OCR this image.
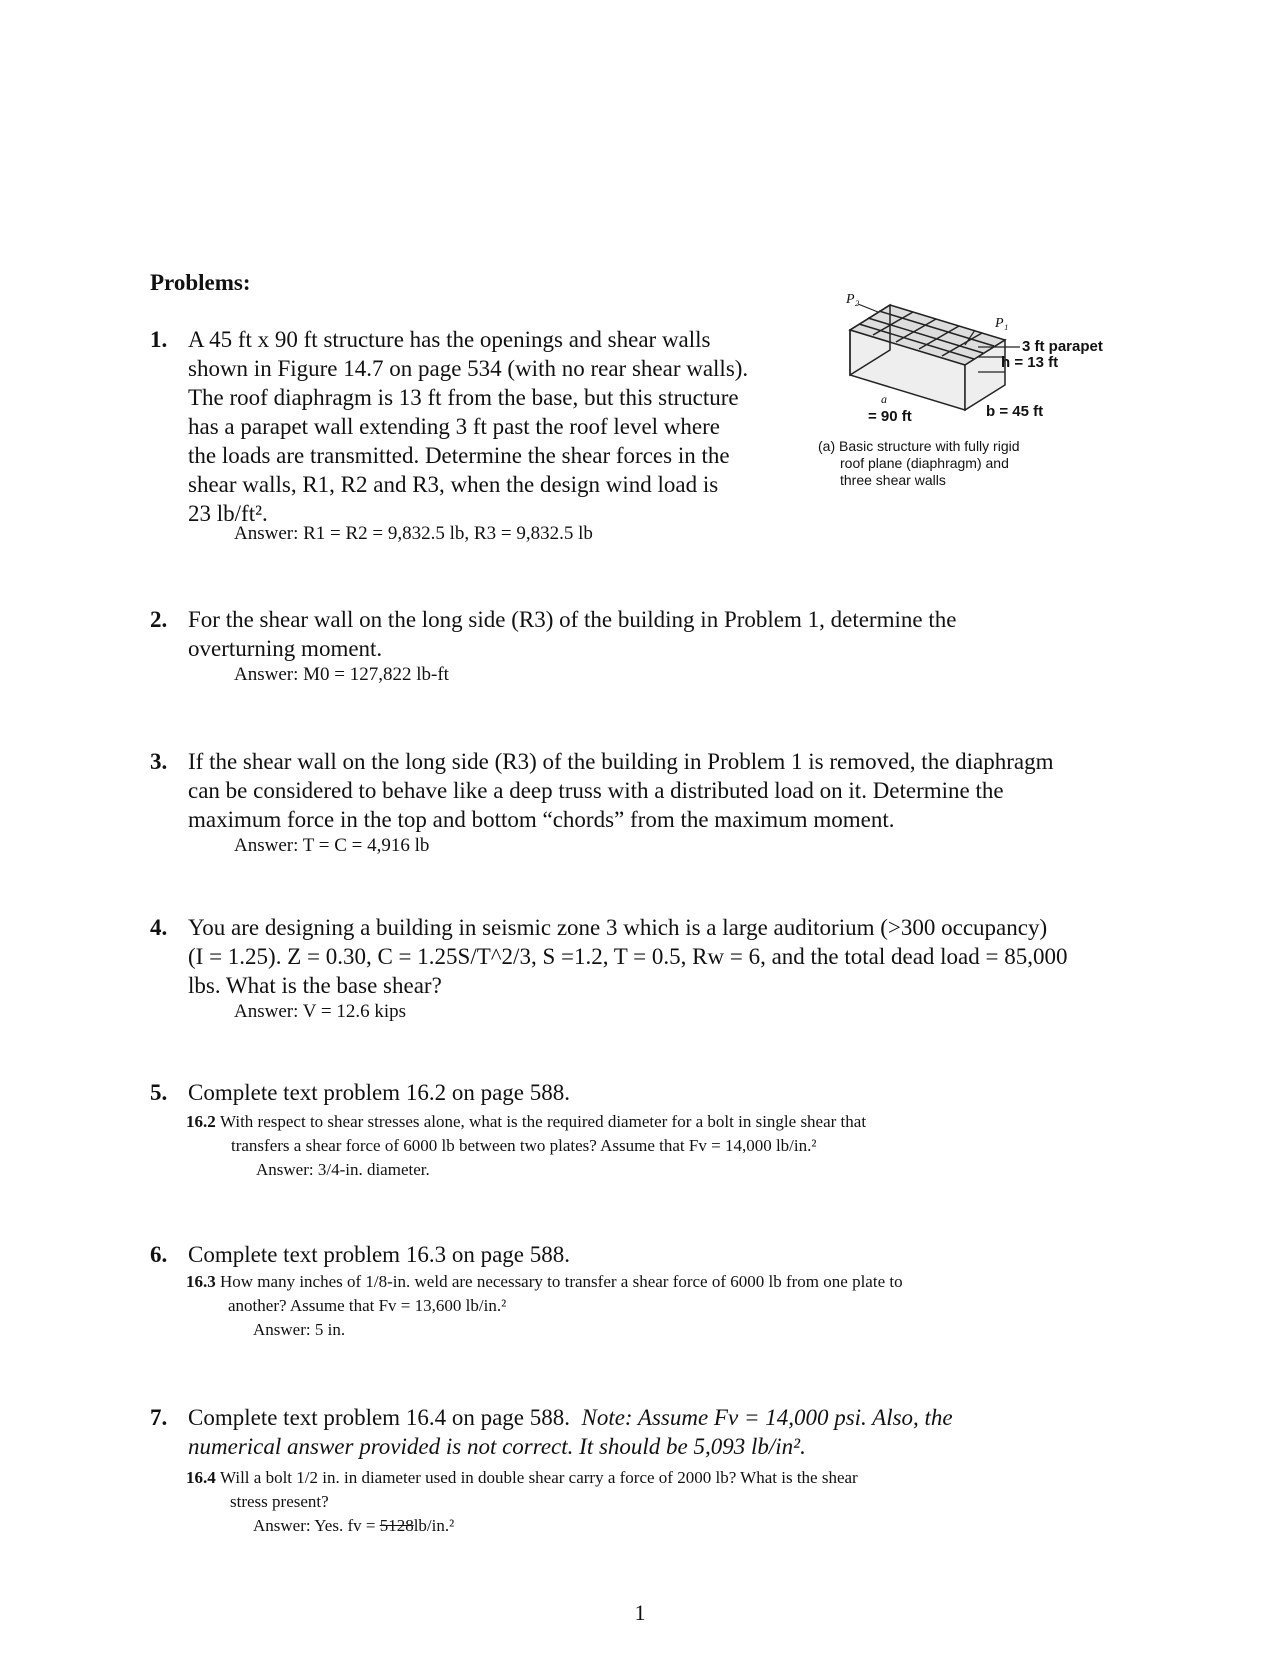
Problems:
P₂
P₁
3 ft parapet
h = 13 ft
a
= 90 ft	b = 45 ft
(a) Basic structure with fully rigid
roof plane (diaphragm) and
three shear walls
1. A 45 ft x 90 ft structure has the openings and shear walls
shown in Figure 14.7 on page 534 (with no rear shear walls).
The roof diaphragm is 13 ft from the base, but this structure
has a parapet wall extending 3 ft past the roof level where
the loads are transmitted. Determine the shear forces in the
shear walls, R1, R2 and R3, when the design wind load is
23 lb/ft².
Answer: R1 = R2 = 9,832.5 lb, R3 = 9,832.5 lb
2. For the shear wall on the long side (R3) of the building in Problem 1, determine the
overturning moment.
Answer: M0 = 127,822 lb-ft
3. If the shear wall on the long side (R3) of the building in Problem 1 is removed, the diaphragm
can be considered to behave like a deep truss with a distributed load on it. Determine the
maximum force in the top and bottom “chords” from the maximum moment.
Answer: T = C = 4,916 lb
4. You are designing a building in seismic zone 3 which is a large auditorium (>300 occupancy)
(I = 1.25). Z = 0.30, C = 1.25S/T^2/3, S =1.2, T = 0.5, Rw = 6, and the total dead load = 85,000
lbs. What is the base shear?
Answer: V = 12.6 kips
5. Complete text problem 16.2 on page 588.
16.2 With respect to shear stresses alone, what is the required diameter for a bolt in single shear that
transfers a shear force of 6000 lb between two plates? Assume that Fv = 14,000 lb/in.²
Answer: 3/4-in. diameter.
6. Complete text problem 16.3 on page 588.
16.3 How many inches of 1/8-in. weld are necessary to transfer a shear force of 6000 lb from one plate to
another? Assume that Fv = 13,600 lb/in.²
Answer: 5 in.
7. Complete text problem 16.4 on page 588. Note: Assume Fv = 14,000 psi. Also, the
numerical answer provided is not correct. It should be 5,093 lb/in².
16.4 Will a bolt 1/2 in. in diameter used in double shear carry a force of 2000 lb? What is the shear
stress present?
Answer: Yes. fv = 5128lb/in.²
1
